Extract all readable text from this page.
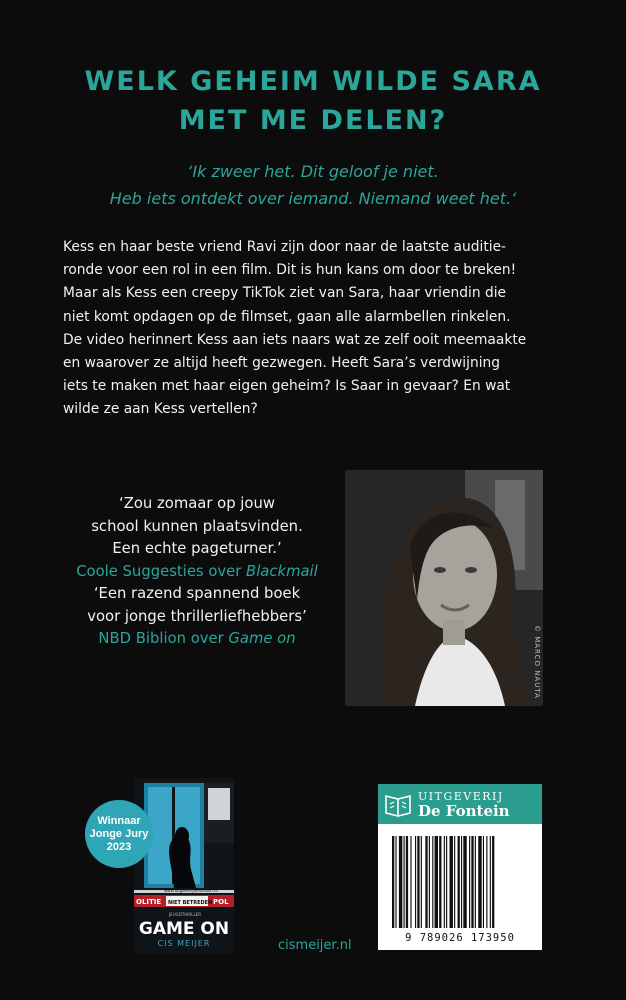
WELK GEHEIM WILDE SARA
MET ME DELEN?
‘Ik zweer het. Dit geloof je niet.
Heb iets ontdekt over iemand. Niemand weet het.‘
Kess en haar beste vriend Ravi zijn door naar de laatste auditie-
ronde voor een rol in een film. Dit is hun kans om door te breken!
Maar als Kess een creepy TikTok ziet van Sara, haar vriendin die
niet komt opdagen op de filmset, gaan alle alarmbellen rinkelen.
De video herinnert Kess aan iets naars wat ze zelf ooit meemaakte
en waarover ze altijd heeft gezwegen. Heeft Sara’s verdwijning
iets te maken met haar eigen geheim? Is Saar in gevaar? En wat
wilde ze aan Kess vertellen?
‘Zou zomaar op jouw
school kunnen plaatsvinden.
Een echte pageturner.’
Coole Suggesties over Blackmail
‘Een razend spannend boek
voor jonge thrillerliefhebbers’
NBD Biblion over Game on	© MARCO NAUTA
OLITIE NIET BETREDEN POL
www.uitgeverijdefontein.nl
JEUGDTHRILLER
GAME ON
CIS MEIJER
Winnaar
Jonge Jury
2023
cismeijer.nl
UITGEVERIJ
De Fontein
9 789026 173950
